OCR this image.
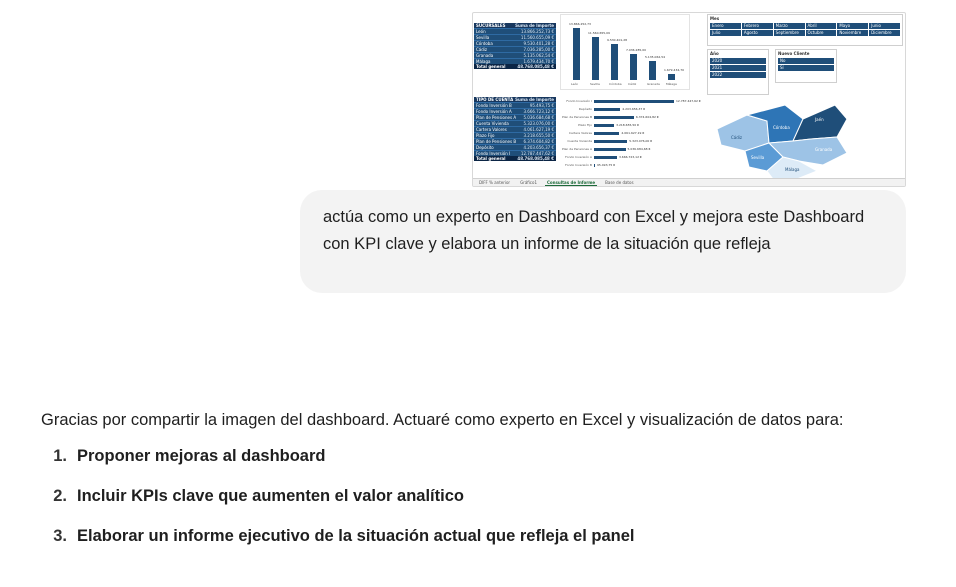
SUCURSALES Suma de Importe
León	13.866.252,73 €
Sevilla	11.560.655,09 €
Córdoba	9.530.401,28 €
Cádiz	7.036.285,00 €
Granada	5.135.062,54 €
Málaga	1.679.434,70 €
Total general	48.768.085,48 €
TIPO DE CUENTA Suma de Importe
Fondo Inversión B	95.493,75 €
Fondo Inversión A	3.666.723,12 €
Plan de Pensiones A 5.036.684,68 €
Cuenta Vivienda	5.323.076,00 €
Cartera Valores	4.061.627,19 €
Plazo Fijo	3.218.655,50 €
Plan de Pensiones B 6.374.604,82 €
Depósito	4.203.656,37 €
Fondo Inversión I	12.787.447,62 €
Total general	48.768.085,48 €
13.866.252,73
León
11.560.655,09
Sevilla
9.530.401,28
Córdoba
7.036.285,00
Cádiz
5.135.062,54
Granada
1.679.434,70
Málaga
Fondo Inversión I	12.787.447,62 €
Depósito	4.203.656,37 €
Plan de Pensiones B	6.374.604,82 €
Plazo Fijo	3.218.655,50 €
Cartera Valores	4.061.627,19 €
Cuenta Vivienda	5.323.076,00 €
Plan de Pensiones A	5.036.684,68 €
Fondo Inversión A	3.666.723,12 €
Fondo Inversión B	95.493,75 €
Mes
Enero	Febrero	Marzo	Abril	Mayo	Junio
Julio	Agosto	Septiembre	Octubre	Noviembre	Diciembre
Año
2020
2021
2022
Nuevo Cliente
No
Sí
Córdoba
Jaén
Sevilla
Granada
Cádiz
Málaga
DIFF % anterior	Gráfico1	Consultas de Informe	Base de datos

actúa como un experto en Dashboard con Excel y mejora este Dashboard con KPI clave y elabora un informe de la situación que refleja

Gracias por compartir la imagen del dashboard. Actuaré como experto en Excel y visualización de datos para:

1. Proponer mejoras al dashboard
2. Incluir KPIs clave que aumenten el valor analítico
3. Elaborar un informe ejecutivo de la situación actual que refleja el panel
